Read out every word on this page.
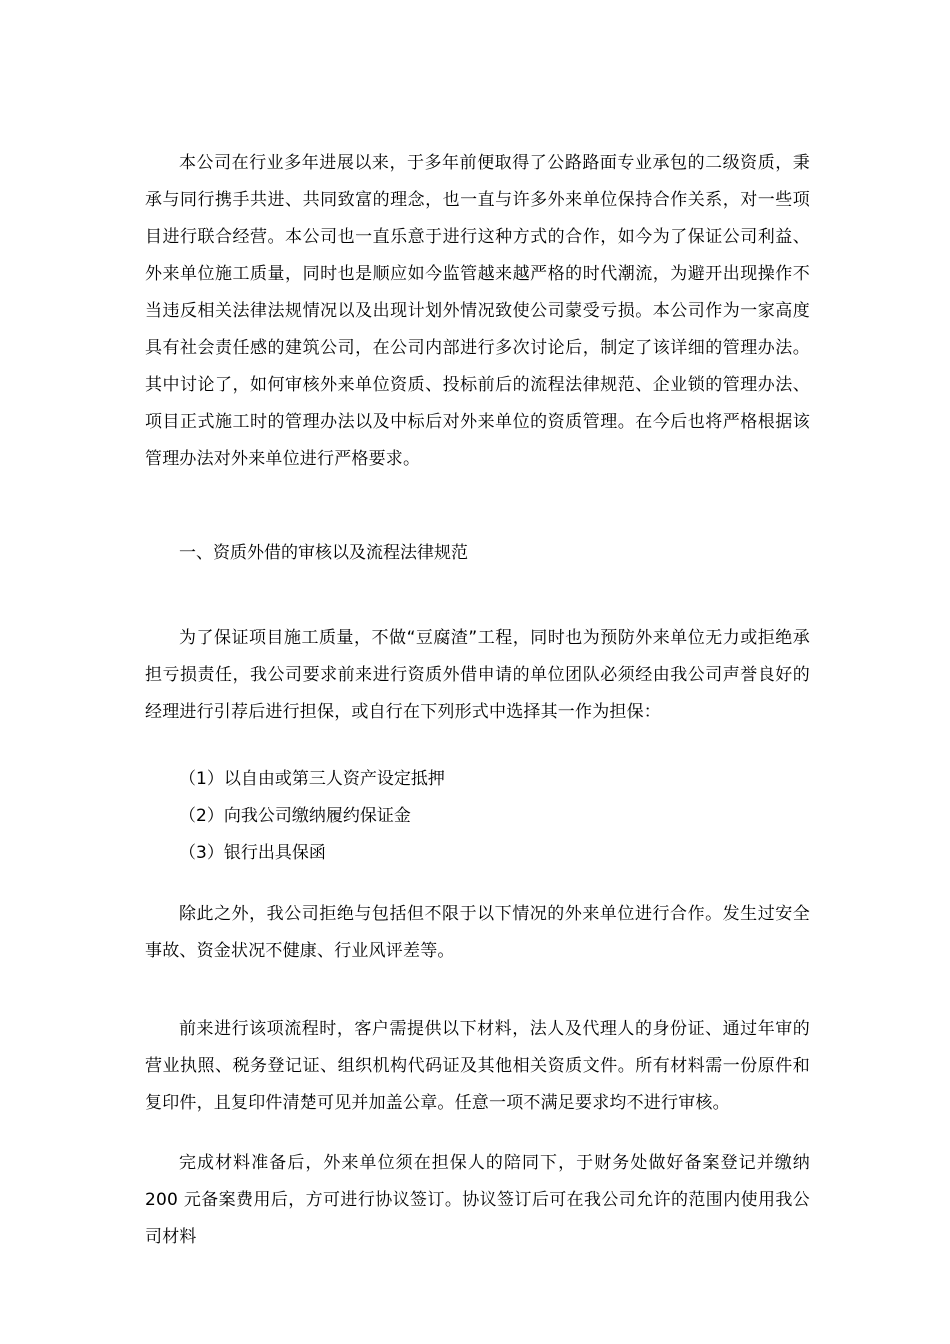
本公司在行业多年进展以来，于多年前便取得了公路路面专业承包的二级资质，秉承与同行携手共进、共同致富的理念，也一直与许多外来单位保持合作关系，对一些项目进行联合经营。本公司也一直乐意于进行这种方式的合作，如今为了保证公司利益、外来单位施工质量，同时也是顺应如今监管越来越严格的时代潮流，为避开出现操作不当违反相关法律法规情况以及出现计划外情况致使公司蒙受亏损。本公司作为一家高度具有社会责任感的建筑公司，在公司内部进行多次讨论后，制定了该详细的管理办法。其中讨论了，如何审核外来单位资质、投标前后的流程法律规范、企业锁的管理办法、项目正式施工时的管理办法以及中标后对外来单位的资质管理。在今后也将严格根据该管理办法对外来单位进行严格要求。

一、资质外借的审核以及流程法律规范

为了保证项目施工质量，不做“豆腐渣”工程，同时也为预防外来单位无力或拒绝承担亏损责任，我公司要求前来进行资质外借申请的单位团队必须经由我公司声誉良好的经理进行引荐后进行担保，或自行在下列形式中选择其一作为担保：

（1）以自由或第三人资产设定抵押

（2）向我公司缴纳履约保证金

（3）银行出具保函

除此之外，我公司拒绝与包括但不限于以下情况的外来单位进行合作。发生过安全事故、资金状况不健康、行业风评差等。

前来进行该项流程时，客户需提供以下材料，法人及代理人的身份证、通过年审的营业执照、税务登记证、组织机构代码证及其他相关资质文件。所有材料需一份原件和复印件，且复印件清楚可见并加盖公章。任意一项不满足要求均不进行审核。

完成材料准备后，外来单位须在担保人的陪同下，于财务处做好备案登记并缴纳 200 元备案费用后，方可进行协议签订。协议签订后可在我公司允许的范围内使用我公司材料
